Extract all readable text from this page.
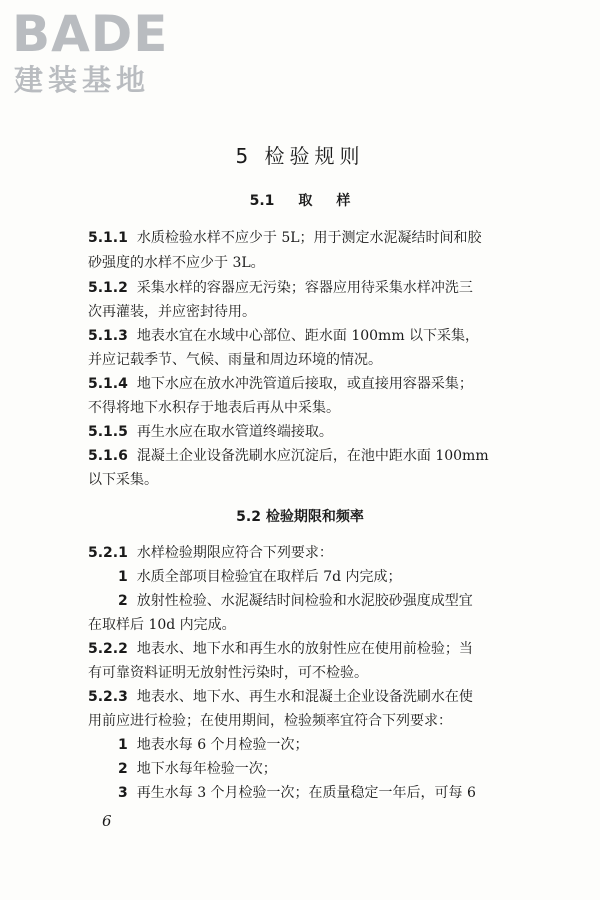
BADE
建装基地
5 检验规则
5.1 取 样
5.1.1 水质检验水样不应少于 5L；用于测定水泥凝结时间和胶
砂强度的水样不应少于 3L。
5.1.2 采集水样的容器应无污染；容器应用待采集水样冲洗三
次再灌装，并应密封待用。
5.1.3 地表水宜在水域中心部位、距水面 100mm 以下采集，
并应记载季节、气候、雨量和周边环境的情况。
5.1.4 地下水应在放水冲洗管道后接取，或直接用容器采集；
不得将地下水积存于地表后再从中采集。
5.1.5 再生水应在取水管道终端接取。
5.1.6 混凝土企业设备洗刷水应沉淀后，在池中距水面 100mm
以下采集。
5.2 检验期限和频率
5.2.1 水样检验期限应符合下列要求：
1 水质全部项目检验宜在取样后 7d 内完成；
2 放射性检验、水泥凝结时间检验和水泥胶砂强度成型宜
在取样后 10d 内完成。
5.2.2 地表水、地下水和再生水的放射性应在使用前检验；当
有可靠资料证明无放射性污染时，可不检验。
5.2.3 地表水、地下水、再生水和混凝土企业设备洗刷水在使
用前应进行检验；在使用期间，检验频率宜符合下列要求：
1 地表水每 6 个月检验一次；
2 地下水每年检验一次；
3 再生水每 3 个月检验一次；在质量稳定一年后，可每 6
6
